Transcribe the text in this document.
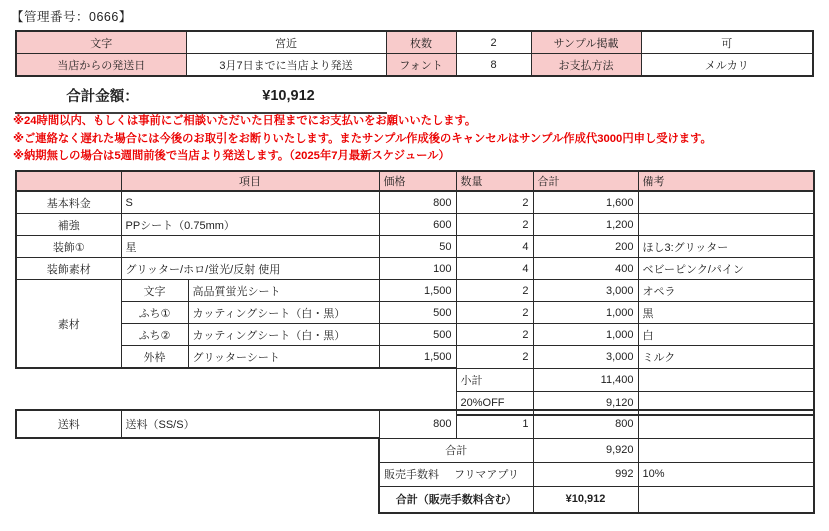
【管理番号：0666】
文字	宮近	枚数	2	サンプル掲載	可
当店からの発送日	3月7日までに当店より発送	フォント	8	お支払方法	メルカリ
合計金額：	¥10,912
※24時間以内、もしくは事前にご相談いただいた日程までにお支払いをお願いいたします。
※ご連絡なく遅れた場合には今後のお取引をお断りいたします。またサンプル作成後のキャンセルはサンプル作成代3000円申し受けます。
※納期無しの場合は5週間前後で当店より発送します。（2025年7月最新スケジュール）
	項目		価格	数量	合計	備考
基本料金	S		800	2	1,600	
補強	PPシート（0.75mm）		600	2	1,200	
装飾①	星		50	4	200	ほし3:グリッター
装飾素材	グリッター/ホロ/蛍光/反射 使用		100	4	400	ベビーピンク/パイン
素材	文字	高品質蛍光シート	1,500	2	3,000	オペラ
	ふち①	カッティングシート（白・黒）	500	2	1,000	黒
	ふち②	カッティングシート（白・黒）	500	2	1,000	白
	外枠	グリッターシート	1,500	2	3,000	ミルク
				小計	11,400	
				20%OFF	9,120	
送料	送料（SS/S）	800	1	800	
		合計		9,920	
		販売手数料 フリマアプリ		992	10%
		合計（販売手数料含む）		¥10,912	
